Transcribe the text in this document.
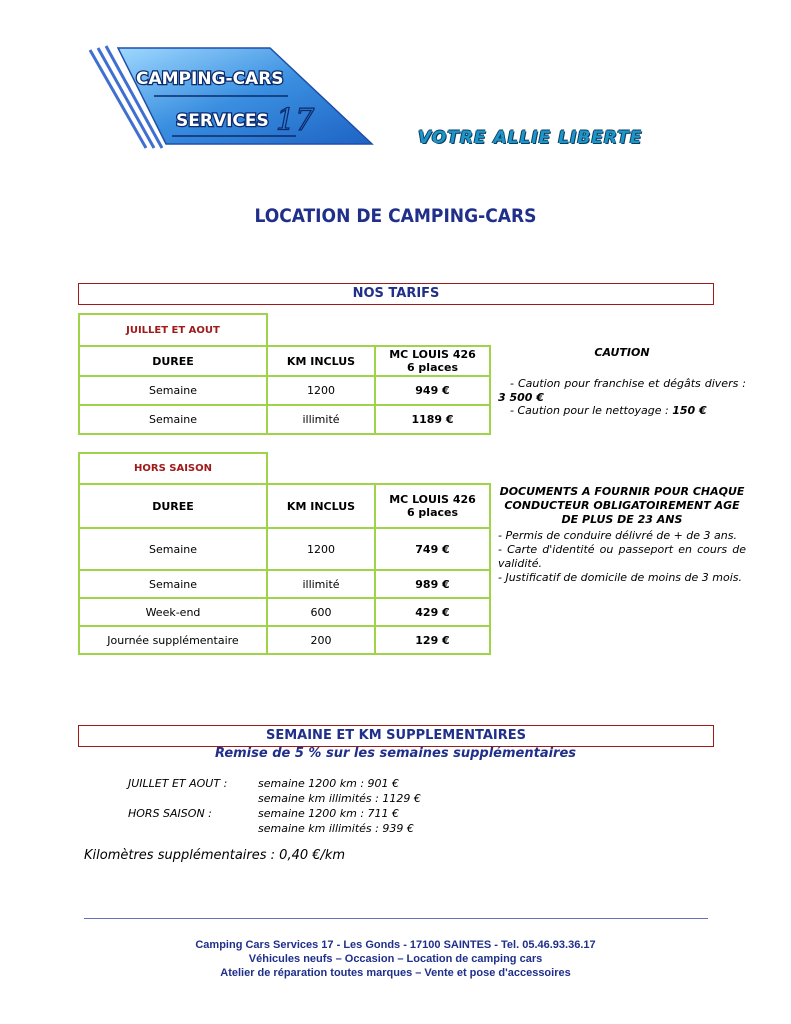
CAMPING-CARS
SERVICES 17	VOTRE ALLIE LIBERTE
LOCATION DE CAMPING-CARS
NOS TARIFS
JUILLET ET AOUT		
DUREE	KM INCLUS	MC LOUIS 426
6 places
Semaine	1200	949 €
Semaine	illimité	1189 €
CAUTION
- Caution pour franchise et dégâts divers : 3 500 €
- Caution pour le nettoyage : 150 €
HORS SAISON		
DUREE	KM INCLUS	MC LOUIS 426
6 places
Semaine	1200	749 €
Semaine	illimité	989 €
Week-end	600	429 €
Journée supplémentaire	200	129 €
DOCUMENTS A FOURNIR POUR CHAQUE CONDUCTEUR OBLIGATOIREMENT AGE DE PLUS DE 23 ANS
- Permis de conduire délivré de + de 3 ans.
- Carte d'identité ou passeport en cours de validité.
- Justificatif de domicile de moins de 3 mois.
SEMAINE ET KM SUPPLEMENTAIRES
Remise de 5 % sur les semaines supplémentaires
JUILLET ET AOUT :	semaine 1200 km : 901 €
semaine km illimités : 1129 €
HORS SAISON :	semaine 1200 km : 711 €
semaine km illimités : 939 €
Kilomètres supplémentaires : 0,40 €/km
Camping Cars Services 17 - Les Gonds - 17100 SAINTES - Tel. 05.46.93.36.17
Véhicules neufs – Occasion – Location de camping cars
Atelier de réparation toutes marques – Vente et pose d'accessoires
